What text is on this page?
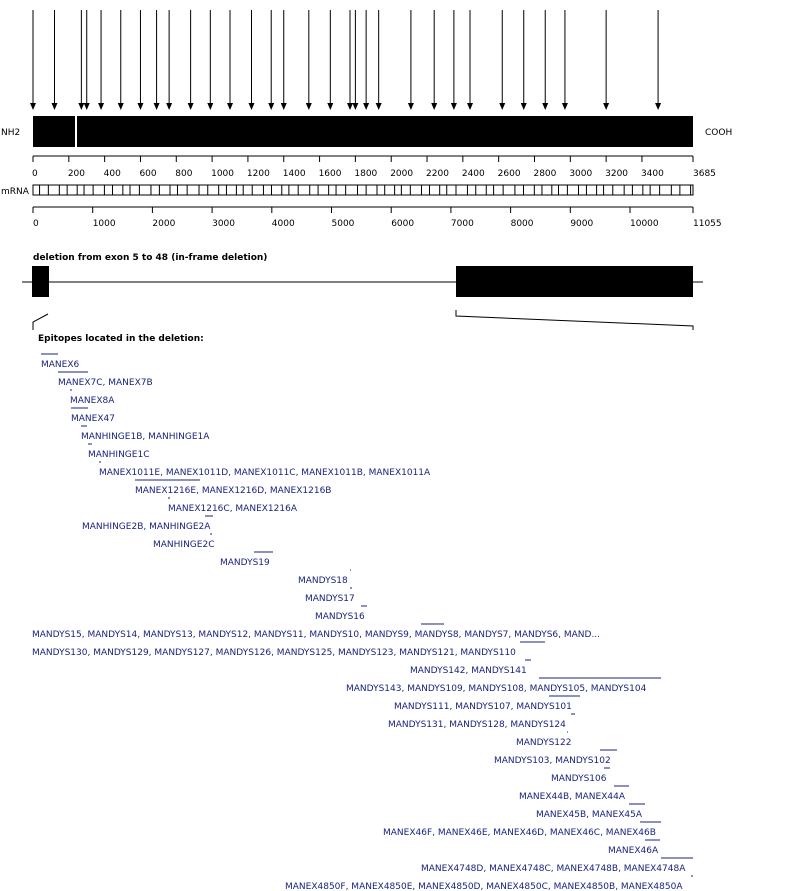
NH2	COOH
0	200 400 600 800 1000 1200 1400 1600 1800 2000 2200 2400 2600 2800 3000 3200 3400	3685
mRNA
0	1000	2000	3000	4000	5000	6000	7000	8000	9000	10000	11055
deletion from exon 5 to 48 (in-frame deletion)
Epitopes located in the deletion:
MANEX6
MANEX7C, MANEX7B
MANEX8A
MANEX47
MANHINGE1B, MANHINGE1A
MANHINGE1C
MANEX1011E, MANEX1011D, MANEX1011C, MANEX1011B, MANEX1011A
MANEX1216E, MANEX1216D, MANEX1216B
MANEX1216C, MANEX1216A
MANHINGE2B, MANHINGE2A
MANHINGE2C
MANDYS19
MANDYS18
MANDYS17
MANDYS16
MANDYS15, MANDYS14, MANDYS13, MANDYS12, MANDYS11, MANDYS10, MANDYS9, MANDYS8, MANDYS7, MANDYS6, MAND...
MANDYS130, MANDYS129, MANDYS127, MANDYS126, MANDYS125, MANDYS123, MANDYS121, MANDYS110
MANDYS142, MANDYS141
MANDYS143, MANDYS109, MANDYS108, MANDYS105, MANDYS104
MANDYS111, MANDYS107, MANDYS101
MANDYS131, MANDYS128, MANDYS124
MANDYS122
MANDYS103, MANDYS102
MANDYS106
MANEX44B, MANEX44A
MANEX45B, MANEX45A
MANEX46F, MANEX46E, MANEX46D, MANEX46C, MANEX46B
MANEX46A
MANEX4748D, MANEX4748C, MANEX4748B, MANEX4748A
MANEX4850F, MANEX4850E, MANEX4850D, MANEX4850C, MANEX4850B, MANEX4850A
